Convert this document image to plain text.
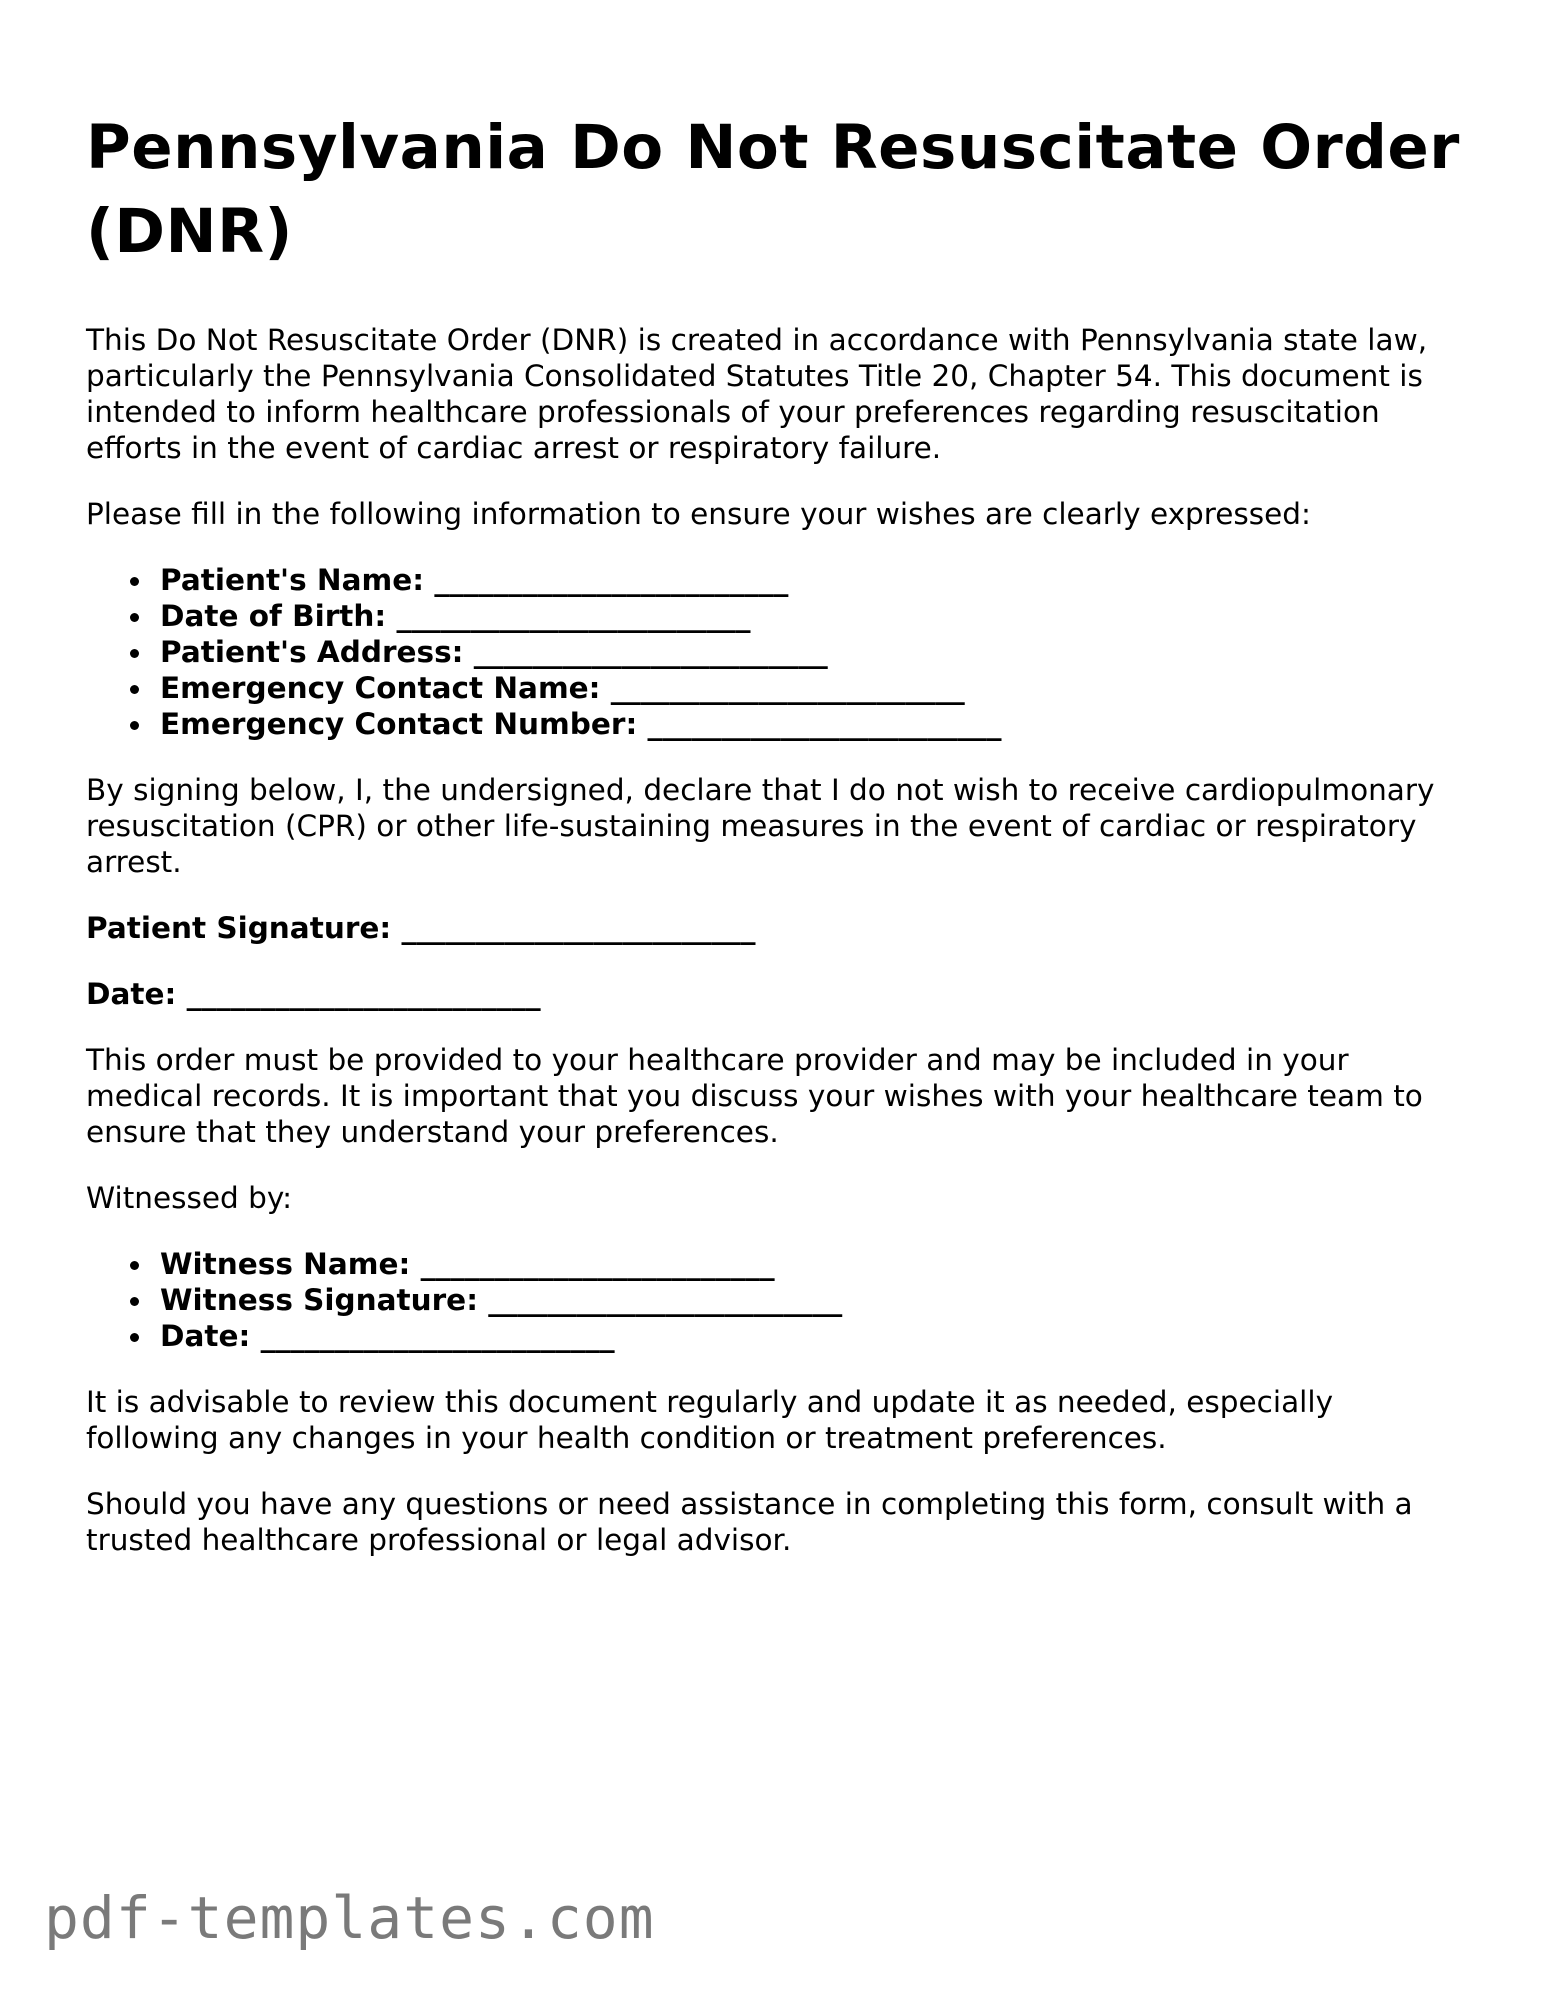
Pennsylvania Do Not Resuscitate Order (DNR)

This Do Not Resuscitate Order (DNR) is created in accordance with Pennsylvania state law, particularly the Pennsylvania Consolidated Statutes Title 20, Chapter 54. This document is intended to inform healthcare professionals of your preferences regarding resuscitation efforts in the event of cardiac arrest or respiratory failure.

Please fill in the following information to ensure your wishes are clearly expressed:

Patient's Name: ________________________
Date of Birth: ________________________
Patient's Address: ________________________
Emergency Contact Name: ________________________
Emergency Contact Number: ________________________

By signing below, I, the undersigned, declare that I do not wish to receive cardiopulmonary resuscitation (CPR) or other life-sustaining measures in the event of cardiac or respiratory arrest.

Patient Signature: ________________________
Date: ________________________

This order must be provided to your healthcare provider and may be included in your medical records. It is important that you discuss your wishes with your healthcare team to ensure that they understand your preferences.

Witnessed by:

Witness Name: ________________________
Witness Signature: ________________________
Date: ________________________

It is advisable to review this document regularly and update it as needed, especially following any changes in your health condition or treatment preferences.

Should you have any questions or need assistance in completing this form, consult with a trusted healthcare professional or legal advisor.

pdf-templates.com
